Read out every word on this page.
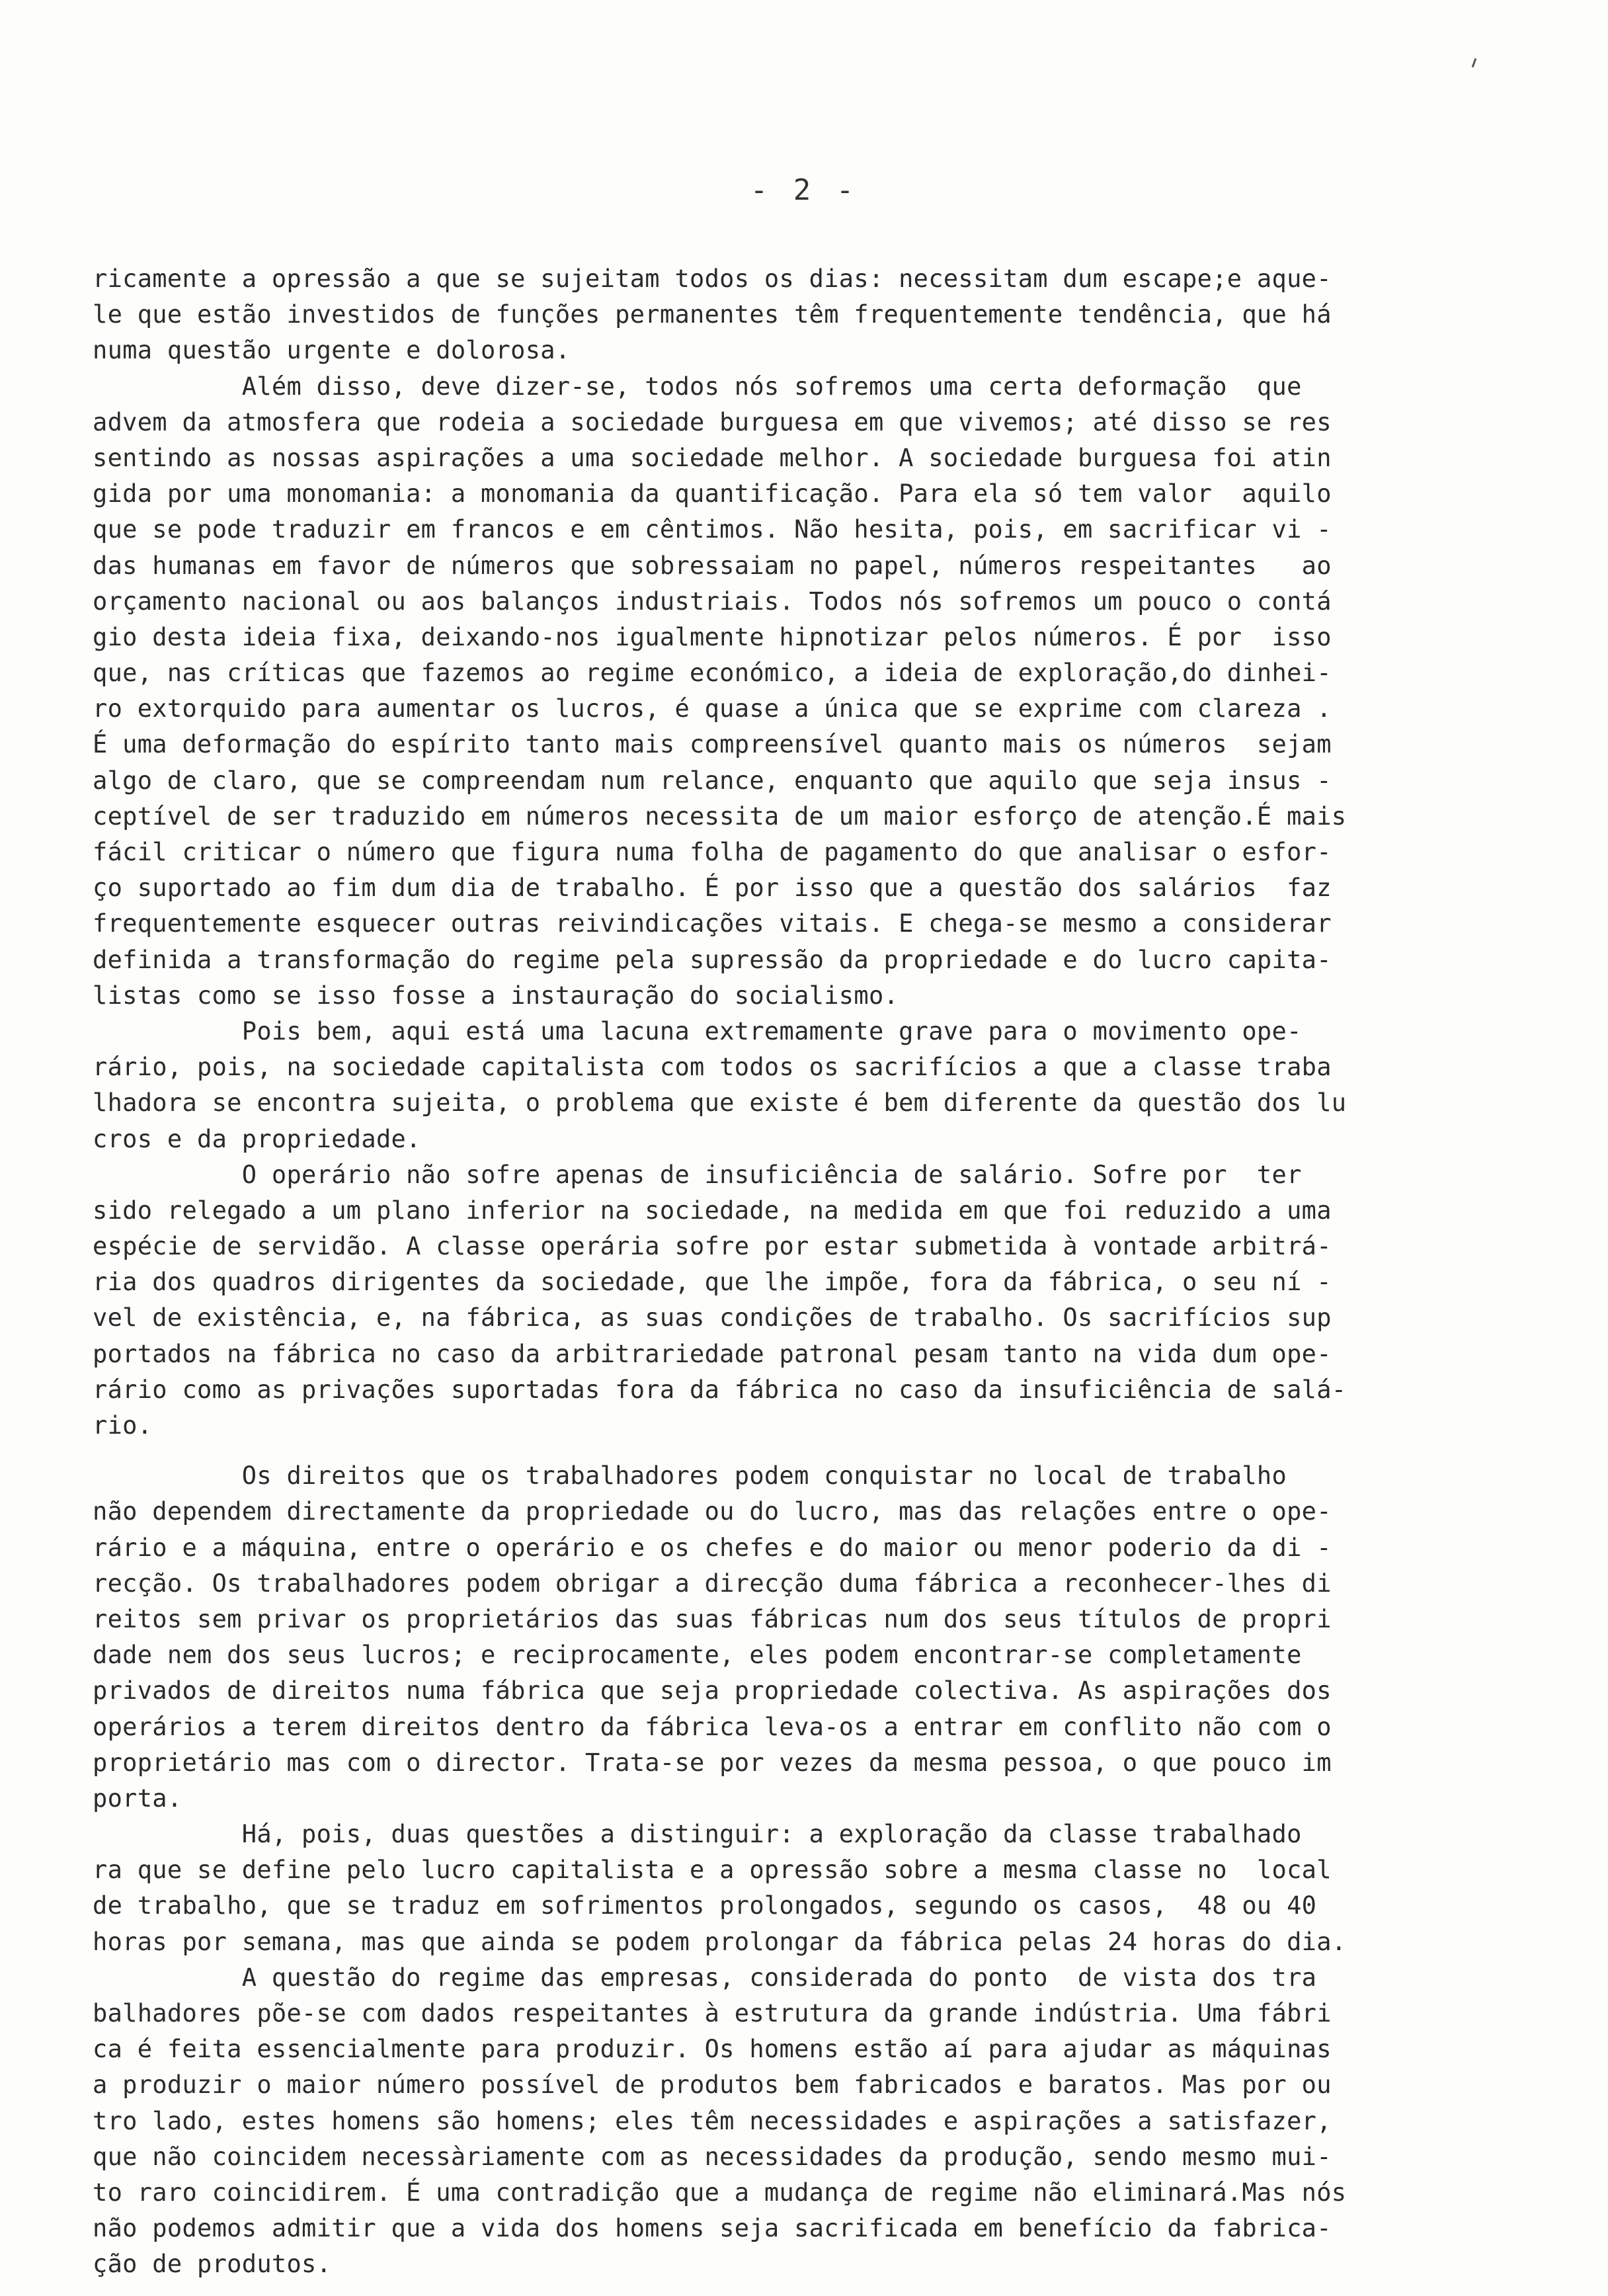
- 2 -
ricamente a opressão a que se sujeitam todos os dias: necessitam dum escape;e aque-
le que estão investidos de funções permanentes têm frequentemente tendência, que há
numa questão urgente e dolorosa.
Além disso, deve dizer-se, todos nós sofremos uma certa deformação  que
advem da atmosfera que rodeia a sociedade burguesa em que vivemos; até disso se res
sentindo as nossas aspirações a uma sociedade melhor. A sociedade burguesa foi atin
gida por uma monomania: a monomania da quantificação. Para ela só tem valor  aquilo
que se pode traduzir em francos e em cêntimos. Não hesita, pois, em sacrificar vi -
das humanas em favor de números que sobressaiam no papel, números respeitantes   ao
orçamento nacional ou aos balanços industriais. Todos nós sofremos um pouco o contá
gio desta ideia fixa, deixando-nos igualmente hipnotizar pelos números. É por  isso
que, nas críticas que fazemos ao regime económico, a ideia de exploração,do dinhei-
ro extorquido para aumentar os lucros, é quase a única que se exprime com clareza .
É uma deformação do espírito tanto mais compreensível quanto mais os números  sejam
algo de claro, que se compreendam num relance, enquanto que aquilo que seja insus -
ceptível de ser traduzido em números necessita de um maior esforço de atenção.É mais
fácil criticar o número que figura numa folha de pagamento do que analisar o esfor-
ço suportado ao fim dum dia de trabalho. É por isso que a questão dos salários  faz
frequentemente esquecer outras reivindicações vitais. E chega-se mesmo a considerar
definida a transformação do regime pela supressão da propriedade e do lucro capita-
listas como se isso fosse a instauração do socialismo.
Pois bem, aqui está uma lacuna extremamente grave para o movimento ope-
rário, pois, na sociedade capitalista com todos os sacrifícios a que a classe traba
lhadora se encontra sujeita, o problema que existe é bem diferente da questão dos lu
cros e da propriedade.
O operário não sofre apenas de insuficiência de salário. Sofre por  ter
sido relegado a um plano inferior na sociedade, na medida em que foi reduzido a uma
espécie de servidão. A classe operária sofre por estar submetida à vontade arbitrá-
ria dos quadros dirigentes da sociedade, que lhe impõe, fora da fábrica, o seu ní -
vel de existência, e, na fábrica, as suas condições de trabalho. Os sacrifícios sup
portados na fábrica no caso da arbitrariedade patronal pesam tanto na vida dum ope-
rário como as privações suportadas fora da fábrica no caso da insuficiência de salá-
rio.
Os direitos que os trabalhadores podem conquistar no local de trabalho
não dependem directamente da propriedade ou do lucro, mas das relações entre o ope-
rário e a máquina, entre o operário e os chefes e do maior ou menor poderio da di -
recção. Os trabalhadores podem obrigar a direcção duma fábrica a reconhecer-lhes di
reitos sem privar os proprietários das suas fábricas num dos seus títulos de propri
dade nem dos seus lucros; e reciprocamente, eles podem encontrar-se completamente
privados de direitos numa fábrica que seja propriedade colectiva. As aspirações dos
operários a terem direitos dentro da fábrica leva-os a entrar em conflito não com o
proprietário mas com o director. Trata-se por vezes da mesma pessoa, o que pouco im
porta.
Há, pois, duas questões a distinguir: a exploração da classe trabalhado
ra que se define pelo lucro capitalista e a opressão sobre a mesma classe no  local
de trabalho, que se traduz em sofrimentos prolongados, segundo os casos,  48 ou 40
horas por semana, mas que ainda se podem prolongar da fábrica pelas 24 horas do dia.
A questão do regime das empresas, considerada do ponto  de vista dos tra
balhadores põe-se com dados respeitantes à estrutura da grande indústria. Uma fábri
ca é feita essencialmente para produzir. Os homens estão aí para ajudar as máquinas
a produzir o maior número possível de produtos bem fabricados e baratos. Mas por ou
tro lado, estes homens são homens; eles têm necessidades e aspirações a satisfazer,
que não coincidem necessàriamente com as necessidades da produção, sendo mesmo mui-
to raro coincidirem. É uma contradição que a mudança de regime não eliminará.Mas nós
não podemos admitir que a vida dos homens seja sacrificada em benefício da fabrica-
ção de produtos.
